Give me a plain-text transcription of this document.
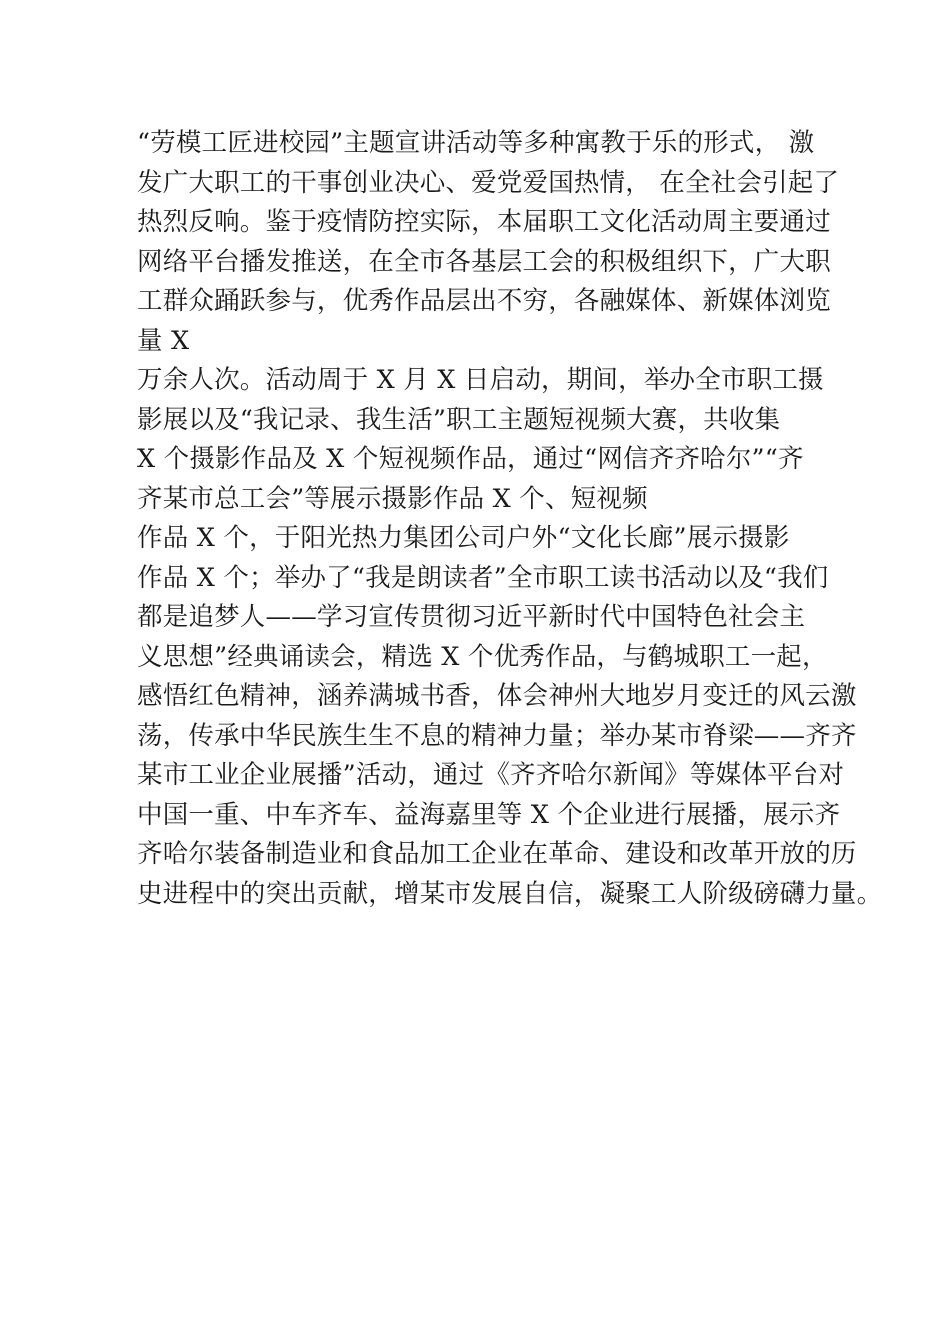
“劳模工匠进校园”主题宣讲活动等多种寓教于乐的形式， 激
发广大职工的干事创业决心、爱党爱国热情， 在全社会引起了
热烈反响。鉴于疫情防控实际，本届职工文化活动周主要通过
网络平台播发推送，在全市各基层工会的积极组织下，广大职
工群众踊跃参与，优秀作品层出不穷，各融媒体、新媒体浏览
量 X
万余人次。活动周于 X 月 X 日启动，期间，举办全市职工摄
影展以及“我记录、我生活”职工主题短视频大赛，共收集
X 个摄影作品及 X 个短视频作品，通过“网信齐齐哈尔”“齐
齐某市总工会”等展示摄影作品 X 个、短视频
作品 X 个，于阳光热力集团公司户外“文化长廊”展示摄影
作品 X 个；举办了“我是朗读者”全市职工读书活动以及“我们
都是追梦人——学习宣传贯彻习近平新时代中国特色社会主
义思想”经典诵读会，精选 X 个优秀作品，与鹤城职工一起，
感悟红色精神，涵养满城书香，体会神州大地岁月变迁的风云激
荡，传承中华民族生生不息的精神力量；举办某市脊梁——齐齐
某市工业企业展播”活动，通过《齐齐哈尔新闻》等媒体平台对
中国一重、中车齐车、益海嘉里等 X 个企业进行展播，展示齐
齐哈尔装备制造业和食品加工企业在革命、建设和改革开放的历
史进程中的突出贡献，增某市发展自信，凝聚工人阶级磅礴力量。
